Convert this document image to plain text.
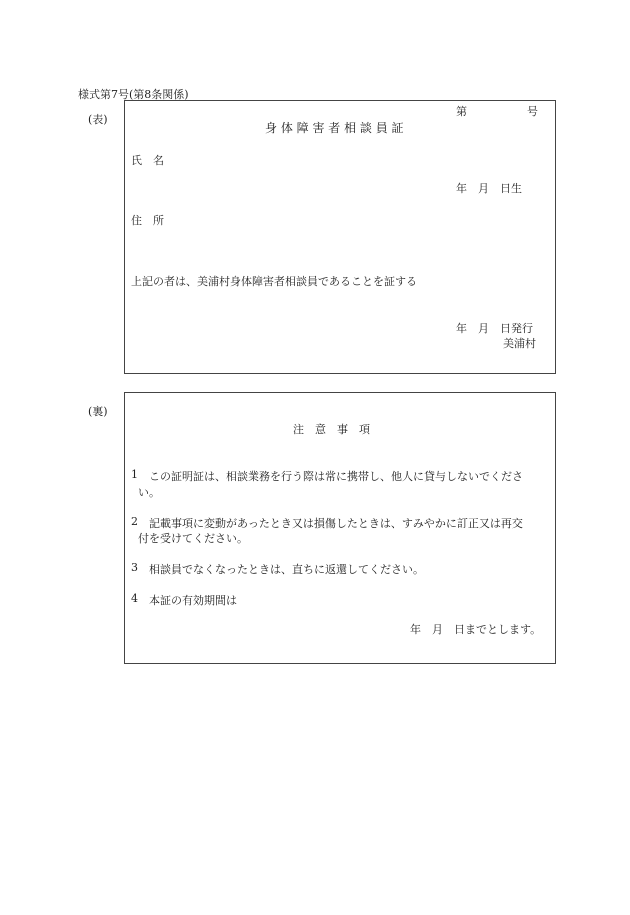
様式第7号(第8条関係)
(表)
第	号
身 体 障 害 者 相 談 員 証
氏　名
年　月　日生
住　所
上記の者は、美浦村身体障害者相談員であることを証する
年　月　日発行
美浦村
(裏)
注　意　事　項
1 この証明証は、相談業務を行う際は常に携帯し、他人に貸与しないでくださ
い。
2 記載事項に変動があったとき又は損傷したときは、すみやかに訂正又は再交
付を受けてください。
3 相談員でなくなったときは、直ちに返還してください。
4 本証の有効期間は
年　月　日までとします。
